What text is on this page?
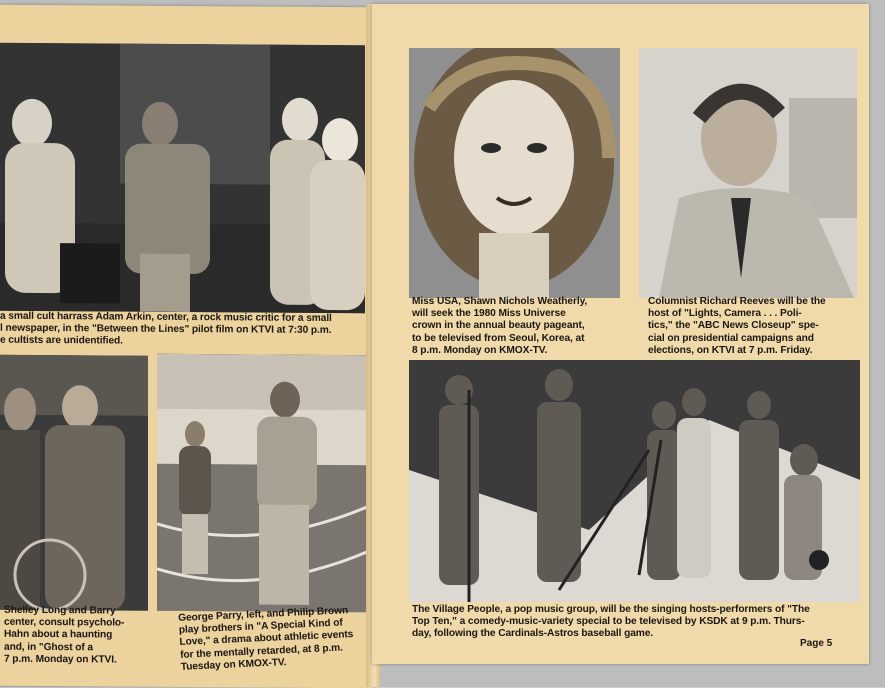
a small cult harrass Adam Arkin, center, a rock music critic for a small
l newspaper, in the "Between the Lines" pilot film on KTVI at 7:30 p.m.
e cultists are unidentified.
Shelley Long and Barry
center, consult psycholo-
Hahn about a haunting
and, in "Ghost of a
7 p.m. Monday on KTVI.
George Parry, left, and Philip Brown
play brothers in "A Special Kind of
Love," a drama about athletic events
for the mentally retarded, at 8 p.m.
Tuesday on KMOX-TV.
Miss USA, Shawn Nichols Weatherly,
will seek the 1980 Miss Universe
crown in the annual beauty pageant,
to be televised from Seoul, Korea, at
8 p.m. Monday on KMOX-TV.
Columnist Richard Reeves will be the
host of "Lights, Camera . . . Poli-
tics," the "ABC News Closeup" spe-
cial on presidential campaigns and
elections, on KTVI at 7 p.m. Friday.
The Village People, a pop music group, will be the singing hosts-performers of "The
Top Ten," a comedy-music-variety special to be televised by KSDK at 9 p.m. Thurs-
day, following the Cardinals-Astros baseball game.
Page 5
